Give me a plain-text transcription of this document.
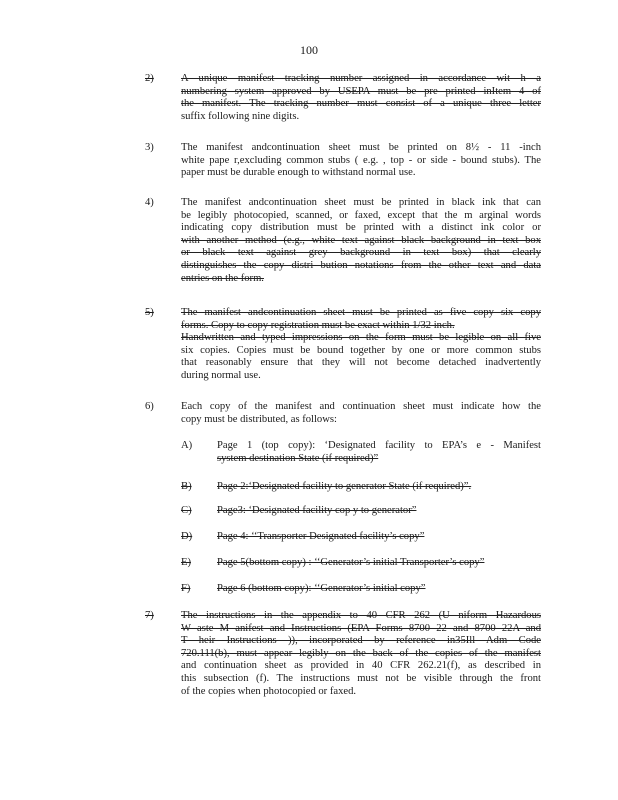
100
2)	A unique manifest tracking number assigned in accordance wit h a
numbering system approved by USEPA must be pre printed inItem 4 of
the manifest. The tracking number must consist of a unique three letter
suffix following nine digits.
3)	The manifest andcontinuation sheet must be printed on 8½ - 11 -inch
white pape r,excluding common stubs ( e.g. , top - or side - bound stubs). The
paper must be durable enough to withstand normal use.
4)	The manifest andcontinuation sheet must be printed in black ink that can
be legibly photocopied, scanned, or faxed, except that the m arginal words
indicating copy distribution must be printed with a distinct ink color or
with another method (e.g., white text against black background in text box
or black text against grey background in text box) that clearly
distinguishes the copy distri bution notations from the other text and data
entries on the form.
5)	The manifest andcontinuation sheet must be printed as five copy six copy
forms. Copy to copy registration must be exact within 1/32 inch.
Handwritten and typed impressions on the form must be legible on all five
six copies. Copies must be bound together by one or more common stubs
that reasonably ensure that they will not become detached inadvertently
during normal use.
6)	Each copy of the manifest and continuation sheet must indicate how the
copy must be distributed, as follows:
A) Page 1 (top copy): ‘Designated facility to EPA’s e - Manifest
system destination State (if required)”
B) Page 2:‘Designated facility to generator State (if required)”.
C) Page3: ‘Designated facility cop y to generator”
D) Page 4: ‘‘Transporter Designated facility’s copy”
E) Page 5(bottom copy) : ‘‘Generator’s initial Transporter’s copy”
F)	Page 6 (bottom copy): ‘‘Generator’s initial copy”
7)	The instructions in the appendix to 40 CFR 262 (U niform Hazardous
W aste M anifest and Instructions (EPA Forms 8700 22 and 8700 22A and
T heir Instructions )), incorporated by reference in35Ill Adm Code
720.111(b), must appear legibly on the back of the copies of the manifest
and continuation sheet as provided in 40 CFR 262.21(f), as described in
this subsection (f). The instructions must not be visible through the front
of the copies when photocopied or faxed.
